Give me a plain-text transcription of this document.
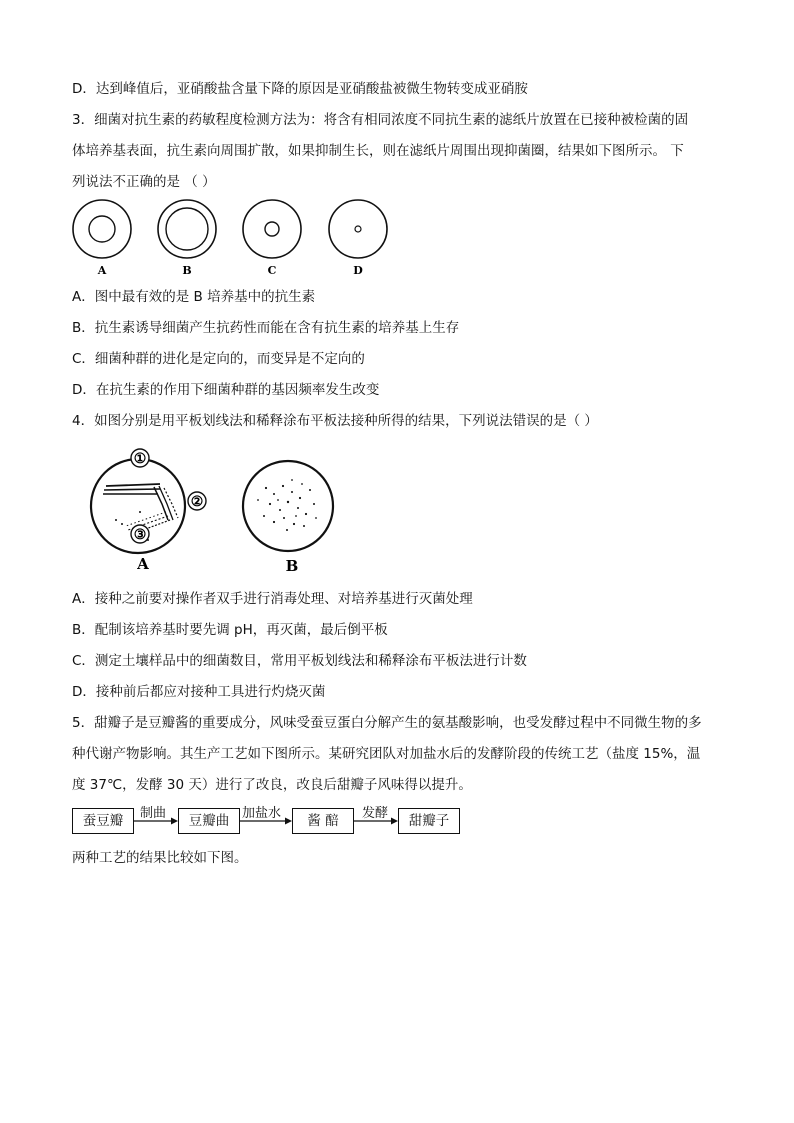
D．达到峰值后，亚硝酸盐含量下降的原因是亚硝酸盐被微生物转变成亚硝胺
3．细菌对抗生素的药敏程度检测方法为：将含有相同浓度不同抗生素的滤纸片放置在已接种被检菌的固
体培养基表面，抗生素向周围扩散，如果抑制生长，则在滤纸片周围出现抑菌圈，结果如下图所示。 下
列说法不正确的是 （ ）
A	B	C	D
A．图中最有效的是 B 培养基中的抗生素
B．抗生素诱导细菌产生抗药性而能在含有抗生素的培养基上生存
C．细菌种群的进化是定向的，而变异是不定向的
D．在抗生素的作用下细菌种群的基因频率发生改变
4．如图分别是用平板划线法和稀释涂布平板法接种所得的结果，下列说法错误的是（ ）
①
②
③
A	B
A．接种之前要对操作者双手进行消毒处理、对培养基进行灭菌处理
B．配制该培养基时要先调 pH，再灭菌，最后倒平板
C．测定土壤样品中的细菌数目，常用平板划线法和稀释涂布平板法进行计数
D．接种前后都应对接种工具进行灼烧灭菌
5．甜瓣子是豆瓣酱的重要成分，风味受蚕豆蛋白分解产生的氨基酸影响，也受发酵过程中不同微生物的多
种代谢产物影响。其生产工艺如下图所示。某研究团队对加盐水后的发酵阶段的传统工艺（盐度 15%，温
度 37℃，发酵 30 天）进行了改良，改良后甜瓣子风味得以提升。
蚕豆瓣	豆瓣曲	酱 醅	甜瓣子
制曲	加盐水	发酵
两种工艺的结果比较如下图。
